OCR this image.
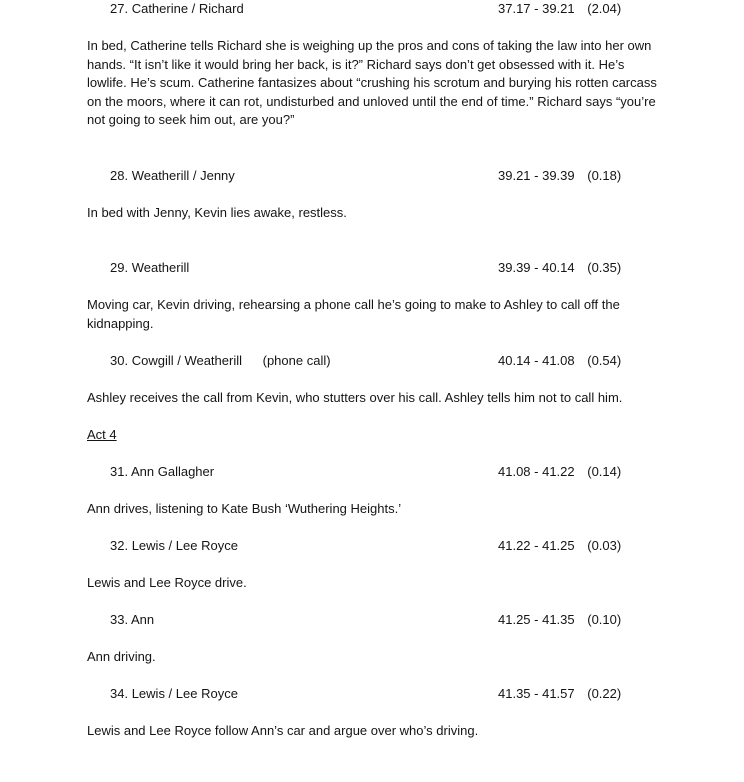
27. Catherine / Richard	37.17 - 39.21 (2.04)

In bed, Catherine tells Richard she is weighing up the pros and cons of taking the law into her own hands. “It isn’t like it would bring her back, is it?” Richard says don’t get obsessed with it. He’s lowlife. He’s scum. Catherine fantasizes about “crushing his scrotum and burying his rotten carcass on the moors, where it can rot, undisturbed and unloved until the end of time.” Richard says “you’re not going to seek him out, are you?”

28. Weatherill / Jenny	39.21 - 39.39 (0.18)

In bed with Jenny, Kevin lies awake, restless.

29. Weatherill	39.39 - 40.14 (0.35)

Moving car, Kevin driving, rehearsing a phone call he’s going to make to Ashley to call off the kidnapping.

30. Cowgill / Weatherill (phone call)	40.14 - 41.08 (0.54)

Ashley receives the call from Kevin, who stutters over his call. Ashley tells him not to call him.

Act 4
31. Ann Gallagher	41.08 - 41.22 (0.14)

Ann drives, listening to Kate Bush ‘Wuthering Heights.’

32. Lewis / Lee Royce	41.22 - 41.25 (0.03)

Lewis and Lee Royce drive.

33. Ann	41.25 - 41.35 (0.10)

Ann driving.

34. Lewis / Lee Royce	41.35 - 41.57 (0.22)

Lewis and Lee Royce follow Ann’s car and argue over who’s driving.
